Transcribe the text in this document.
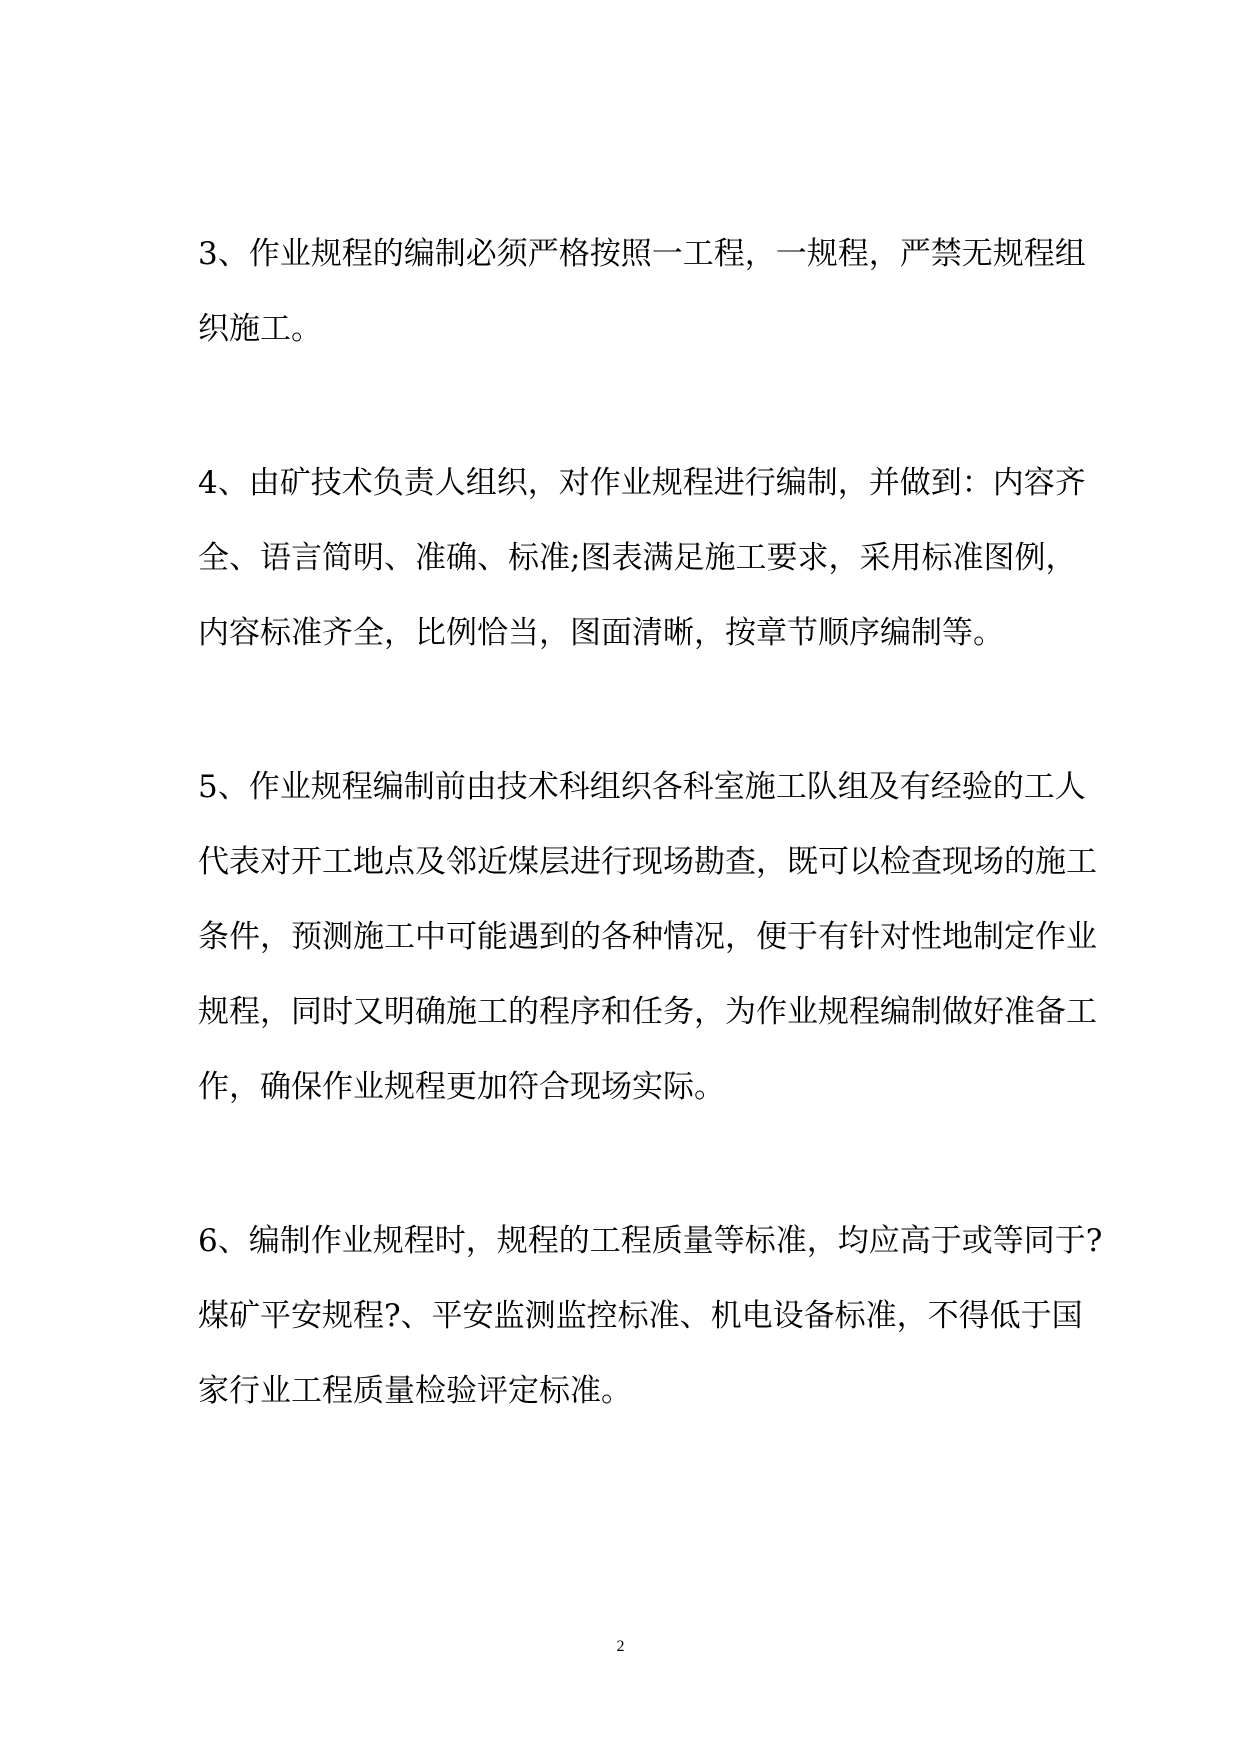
3、作业规程的编制必须严格按照一工程，一规程，严禁无规程组
织施工。
4、由矿技术负责人组织，对作业规程进行编制，并做到：内容齐
全、语言简明、准确、标准;图表满足施工要求，采用标准图例，
内容标准齐全，比例恰当，图面清晰，按章节顺序编制等。
5、作业规程编制前由技术科组织各科室施工队组及有经验的工人
代表对开工地点及邻近煤层进行现场勘查，既可以检查现场的施工
条件，预测施工中可能遇到的各种情况，便于有针对性地制定作业
规程，同时又明确施工的程序和任务，为作业规程编制做好准备工
作，确保作业规程更加符合现场实际。
6、编制作业规程时，规程的工程质量等标准，均应高于或等同于?
煤矿平安规程?、平安监测监控标准、机电设备标准，不得低于国
家行业工程质量检验评定标准。
2
